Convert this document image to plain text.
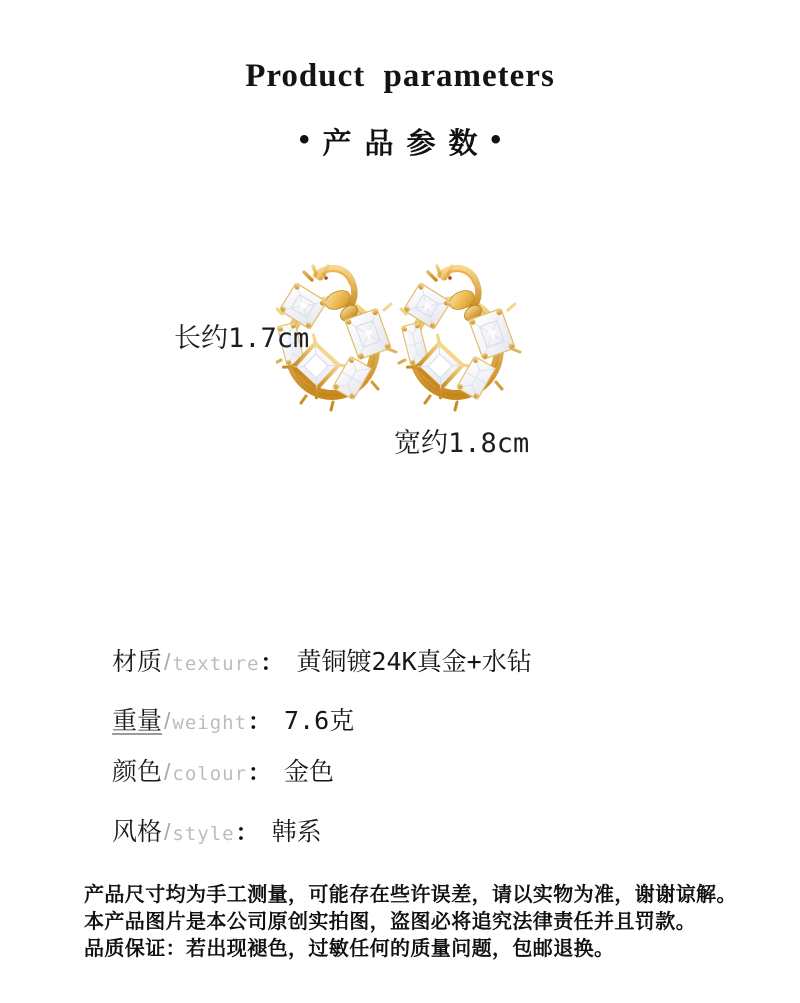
Product parameters
• 产品参数 •
长约1.7cm
宽约1.8cm
材质 / texture ： 黄铜镀24K真金+水钻
重量 / weight ： 7.6克
颜色 / colour ： 金色
风格 / style ： 韩系
产品尺寸均为手工测量，可能存在些许误差，请以实物为准，谢谢谅解。
本产品图片是本公司原创实拍图，盗图必将追究法律责任并且罚款。
品质保证：若出现褪色，过敏任何的质量问题，包邮退换。
